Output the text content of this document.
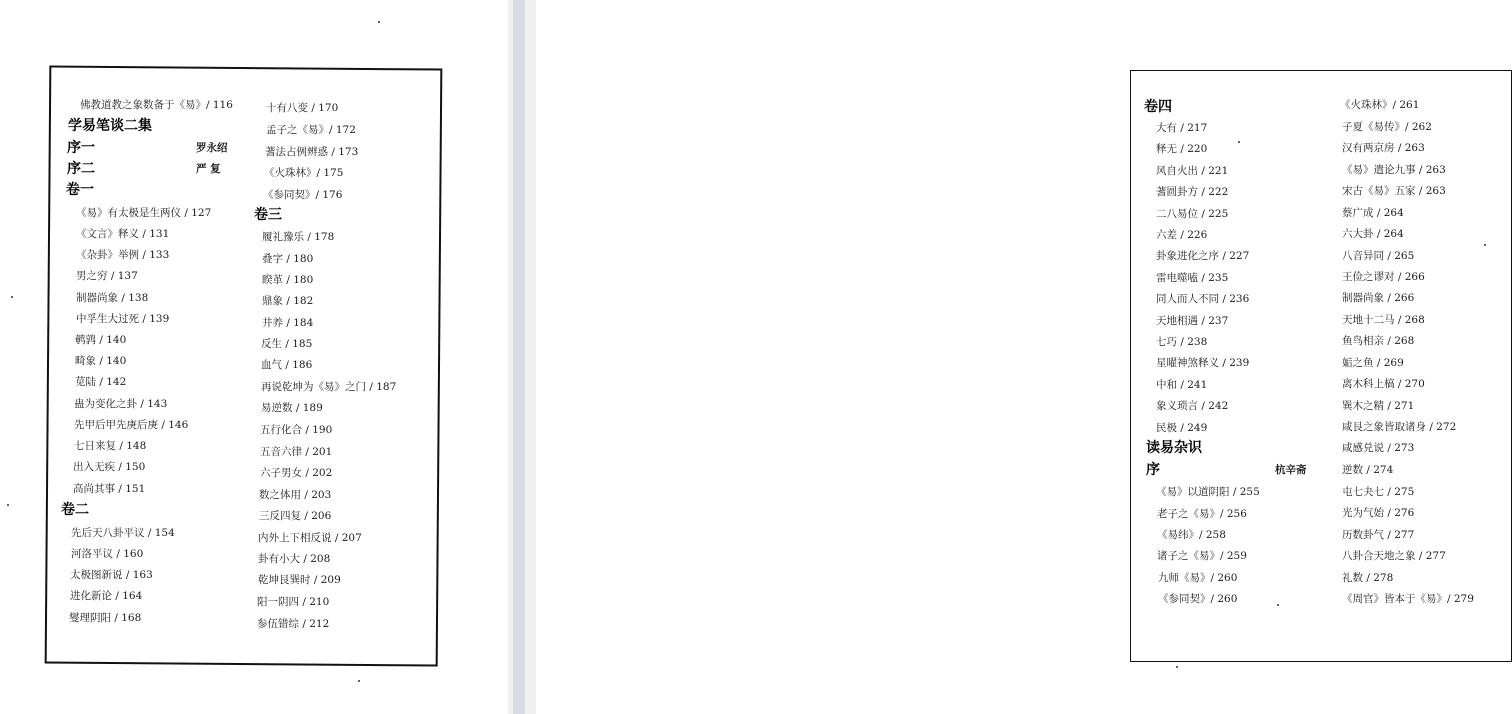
佛教道教之象数备于《易》/ 116
学易笔谈二集
序一
序二
卷一
《易》有太极是生两仪 / 127
《文言》释义 / 131
《杂卦》举例 / 133
男之穷 / 137
制器尚象 / 138
中孚生大过死 / 139
鹌鹑 / 140
畸象 / 140
苋陆 / 142
蛊为变化之卦 / 143
先甲后甲先庚后庚 / 146
七日来复 / 148
出入无疾 / 150
高尚其事 / 151
卷二
先后天八卦平议 / 154
河洛平议 / 160
太极图新说 / 163
进化新论 / 164
燮理阴阳 / 168
罗永绍
严 复
十有八变 / 170
孟子之《易》/ 172
蓍法占例辨惑 / 173
《火珠林》/ 175
《参同契》/ 176
卷三
履礼豫乐 / 178
叠字 / 180
睽革 / 180
鼎象 / 182
井养 / 184
反生 / 185
血气 / 186
再说乾坤为《易》之门 / 187
易逆数 / 189
五行化合 / 190
五音六律 / 201
六子男女 / 202
数之体用 / 203
三反四复 / 206
内外上下相反说 / 207
卦有小大 / 208
乾坤艮巽时 / 209
阳一阴四 / 210
参伍错综 / 212
卷四
大有 / 217
释无 / 220
风自火出 / 221
蓍圆卦方 / 222
二八易位 / 225
六差 / 226
卦象进化之序 / 227
雷电噬嗑 / 235
同人而人不同 / 236
天地相遇 / 237
七巧 / 238
星曜神煞释义 / 239
中和 / 241
象义琐言 / 242
民极 / 249
读易杂识
序
《易》以道阴阳 / 255
老子之《易》/ 256
《易纬》/ 258
诸子之《易》/ 259
九师《易》/ 260
《参同契》/ 260
杭辛斋
《火珠林》/ 261
子夏《易传》/ 262
汉有两京房 / 263
《易》遣论九事 / 263
宋古《易》五家 / 263
蔡广成 / 264
六大卦 / 264
八音异同 / 265
王俭之谬对 / 266
制器尚象 / 266
天地十二马 / 268
鱼鸟相亲 / 268
姤之鱼 / 269
离木科上槁 / 270
巽木之精 / 271
咸艮之象皆取诸身 / 272
咸感兑说 / 273
逆数 / 274
屯七夬七 / 275
光为气始 / 276
历数卦气 / 277
八卦合天地之象 / 277
礼数 / 278
《周官》皆本于《易》/ 279
